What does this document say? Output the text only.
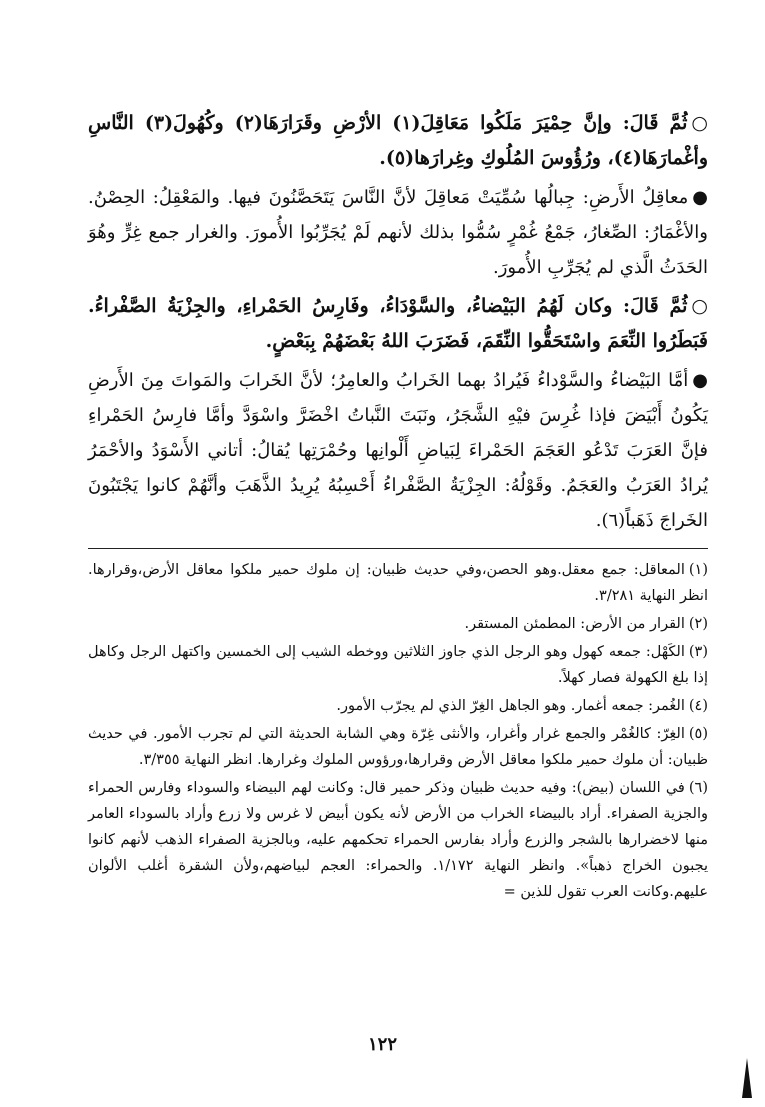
○ثُمَّ قَالَ: وإنَّ حِمْيَرَ مَلَكُوا مَعَاقِلَ(١) الأرْضِ وقَرَارَهَا(٢) وكُهُولَ(٣) النَّاسِ وأغْمارَهَا(٤)، ورُؤُوسَ المُلُوكِ وغِرارَها(٥).

●معاقِلُ الأَرضِ: جِبالُها سُمِّيَتْ مَعاقِلَ لأنَّ النَّاسَ يَتَحَصَّنُونَ فيها. والمَعْقِلُ: الحِصْنُ. والأغْمَارُ: الصِّغارُ، جَمْعُ غُمْرٍ سُمُّوا بذلك لأنهم لَمْ يُجَرِّبُوا الأُمورَ. والغرار جمع غِرٍّ وهُوَ الحَدَثُ الَّذي لم يُجَرِّبِ الأُمورَ.

○ثُمَّ قَالَ: وكان لَهُمُ البَيْضاءُ، والسَّوْدَاءُ، وفَارِسُ الحَمْراءِ، والجِزْيَةُ الصَّفْراءُ. فَبَطَرُوا النِّعَمَ واسْتَحَقُّوا النِّقَمَ، فَضَرَبَ اللهُ بَعْضَهُمْ بِبَعْضٍ.

●أمَّا البَيْضاءُ والسَّوْداءُ فَيُرادُ بهما الخَرابُ والعامِرُ؛ لأنَّ الخَرابَ والمَواتَ مِنَ الأَرضِ يَكُونُ أَبْيَضَ فإذا غُرِسَ فيْهِ الشَّجَرُ، ونَبَتَ النَّباتُ اخْضَرَّ واسْوَدَّ وأمَّا فارِسُ الحَمْراءِ فإنَّ العَرَبَ تَدْعُو العَجَمَ الحَمْراءَ لِبَياضِ أَلْوانِها وحُمْرَتِها يُقالُ: أتاني الأَسْوَدُ والأحْمَرُ يُرادُ العَرَبُ والعَجَمُ. وقَوْلُهُ: الجِزْيَةُ الصَّفْراءُ أَحْسِبُهُ يُرِيدُ الذَّهَبَ وأنَّهُمْ كانوا يَجْتَبُونَ الخَراجَ ذَهَباً(٦).

(١)المعاقل: جمع معقل.وهو الحصن،وفي حديث ظبيان: إن ملوك حمير ملكوا معاقل الأرض،وقرارها. انظر النهاية ٣/٢٨١.

(٢)القرار من الأرض: المطمئن المستقر.

(٣)الكَهْل: جمعه كهول وهو الرجل الذي جاوز الثلاثين ووخطه الشيب إلى الخمسين واكتهل الرجل وكاهل إذا بلغ الكهولة فصار كهلاً.

(٤)الغُمر: جمعه أغمار. وهو الجاهل الغِرّ الذي لم يجرّب الأمور.

(٥)الغِرّ: كالغُمْر والجمع غرار وأغرار، والأنثى غِرّة وهي الشابة الحديثة التي لم تجرب الأمور. في حديث ظبيان: أن ملوك حمير ملكوا معاقل الأرض وقرارها،ورؤوس الملوك وغرارها. انظر النهاية ٣/٣٥٥.

(٦)في اللسان (بيض): وفيه حديث ظبيان وذكر حمير قال: وكانت لهم البيضاء والسوداء وفارس الحمراء والجزية الصفراء. أراد بالبيضاء الخراب من الأرض لأنه يكون أبيض لا غرس ولا زرع وأراد بالسوداء العامر منها لاخضرارها بالشجر والزرع وأراد بفارس الحمراء تحكمهم عليه، وبالجزية الصفراء الذهب لأنهم كانوا يجبون الخراج ذهباً». وانظر النهاية ١/١٧٢. والحمراء: العجم لبياضهم،ولأن الشقرة أغلب الألوان عليهم.وكانت العرب تقول للذين =

١٢٢
